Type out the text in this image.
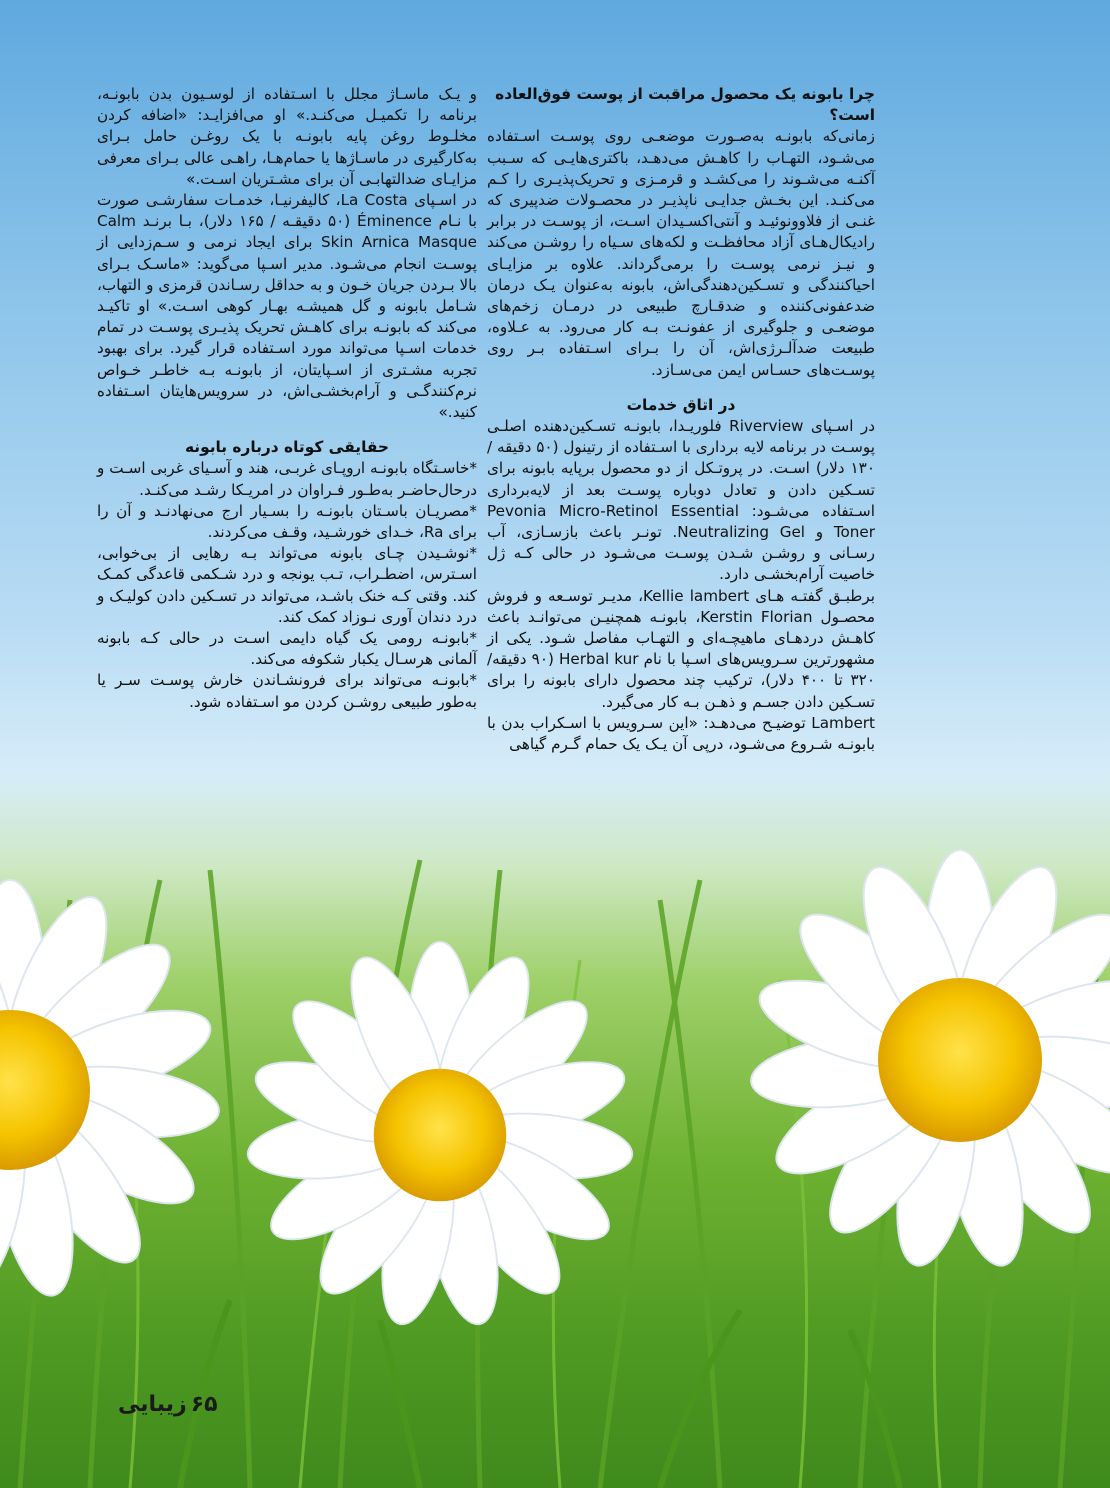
چرا بابونه یک محصول مراقبت از پوست فوق‌العاده است؟

زمانی‌که بابونـه به‌صـورت موضعـی روی پوسـت اسـتفاده می‌شـود، التهـاب را کاهـش می‌دهـد، باکتری‌هایـی که سـبب آکنـه می‌شـوند را می‌کشـد و قرمـزی و تحریک‌پذیـری را کـم می‌کنـد. این بخـش جدایـی ناپذیـر در محصـولات ضدپیری که غنـی از فلاوونوئیـد و آنتی‌اکسـیدان اسـت، از پوسـت در برابر رادیکال‌هـای آزاد محافظـت و لکه‌های سـیاه را روشـن می‌کند و نیـز نرمی پوسـت را برمی‌گرداند. علاوه بر مزایـای احیاکنندگی و تسـکین‌دهندگی‌اش، بابونه به‌عنوان یـک درمان ضدعفونی‌کننده و ضدقـارچ طبیعی در درمـان زخم‌های موضعـی و جلوگیری از عفونـت بـه کار می‌رود. به عـلاوه، طبیعت ضدآلـرژی‌اش، آن را بـرای اسـتفاده بـر روی پوسـت‌های حسـاس ایمن می‌سـازد.

در اتاق خدمات

در اسـپای Riverview فلوریـدا، بابونـه تسـکین‌دهنده اصلـی پوسـت در برنامه لایه برداری با اسـتفاده از رتینول (۵۰ دقیقه / ۱۳۰ دلار) اسـت. در پروتـکل از دو محصول برپایه بابونه برای تسـکین دادن و تعادل دوباره پوسـت بعد از لایه‌برداری اسـتفاده می‌شـود: Pevonia Micro-Retinol Essential Toner و Neutralizing Gel. تونـر باعث بازسـازی، آب رسـانی و روشـن شـدن پوسـت می‌شـود در حالی کـه ژل خاصیت آرام‌بخشـی دارد.

برطبـق گفتـه هـای Kellie lambert، مدیـر توسـعه و فروش محصـول Kerstin Florian، بابونـه همچنیـن می‌توانـد باعث کاهـش دردهـای ماهیچـه‌ای و التهـاب مفاصل شـود. یکی از مشهورترین سـرویس‌های اسـپا با نام Herbal kur (۹۰ دقیقه/ ۳۲۰ تا ۴۰۰ دلار)، ترکیب چند محصول دارای بابونه را برای تسـکین دادن جسـم و ذهـن بـه کار می‌گیرد.

Lambert توضیـح می‌دهـد: «این سـرویس با اسـکراب بدن با بابونـه شـروع می‌شـود، درپی آن یـک یک حمام گـرم گیاهی

و یـک ماسـاژ مجلل با اسـتفاده از لوسـیون بدن بابونـه، برنامه را تکمیـل می‌کنـد.» او می‌افزایـد: «اضافه کردن مخلـوط روغن پایه بابونـه با یک روغـن حامل بـرای به‌کارگیری در ماسـاژها یا حمام‌هـا، راهـی عالی بـرای معرفی مزایـای ضدالتهابـی آن برای مشـتریان اسـت.»

در اسـپای La Costa، کالیفرنیـا، خدمـات سفارشـی صورت با نـام Éminence (۵۰ دقیقـه / ۱۶۵ دلار)، بـا برنـد Calm Skin Arnica Masque برای ایجاد نرمی و سـم‌زدایی از پوسـت انجام می‌شـود. مدیر اسـپا می‌گوید: «ماسـک بـرای بالا بـردن جریان خـون و به حداقل رسـاندن قرمزی و التهاب، شـامل بابونه و گل همیشـه بهـار کوهی اسـت.» او تاکیـد می‌کند که بابونـه برای کاهـش تحریک پذیـری پوسـت در تمام خدمات اسـپا می‌تواند مورد اسـتفاده قرار گیرد. برای بهبود تجربه مشـتری از اسـپایتان، از بابونـه بـه خاطـر خـواص نرم‌کنندگـی و آرام‌بخشـی‌اش، در سرویس‌هایتان اسـتفاده کنید.»

حقایقی کوتاه درباره بابونه

*خاسـتگاه بابونـه اروپـای غربـی، هند و آسـیای غربی اسـت و درحال‌حاضـر به‌طـور فـراوان در امریـکا رشـد می‌کنـد.

*مصریـان باسـتان بابونـه را بسـیار ارج می‌نهادنـد و آن را برای Ra، خـدای خورشـید، وقـف می‌کردند.

*نوشـیدن چـای بابونه می‌تواند بـه رهایی از بی‌خوابی، اسـترس، اضطـراب، تـب یونجه و درد شـکمی قاعدگی کمـک کند. وقتی کـه خنک باشـد، می‌تواند در تسـکین دادن کولیـک و درد دندان آوری نـوزاد کمک کند.

*بابونـه رومی یک گیاه دایمی اسـت در حالی کـه بابونه آلمانی هرسـال یکبار شکوفه می‌کند.

*بابونـه می‌تواند برای فرونشـاندن خارش پوسـت سـر یا به‌طور طبیعی روشـن کردن مو اسـتفاده شود.

زیبایی ۶۵
